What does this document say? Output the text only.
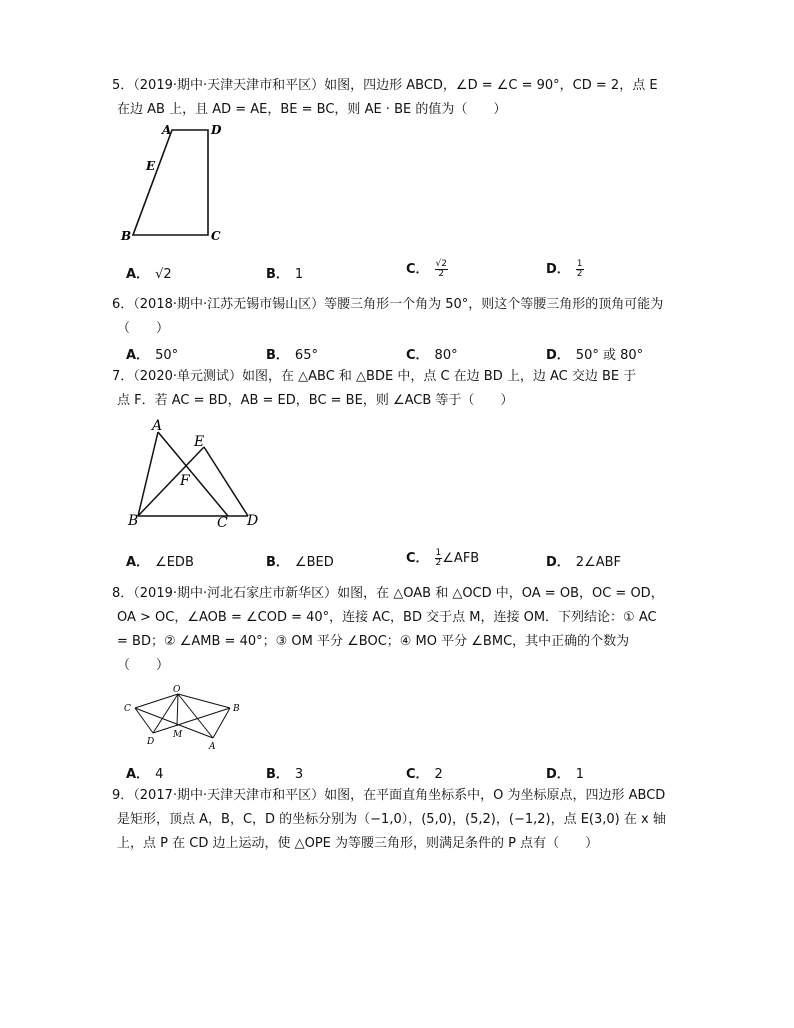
5．（2019·期中·天津天津市和平区）如图，四边形 ABCD，∠D = ∠C = 90°，CD = 2，点 E
在边 AB 上，且 AD = AE，BE = BC，则 AE · BE 的值为（　　）
A	D
E
B	C
A． √2	B． 1	C． $\frac{√2}{2}$	D． $\frac{1}{2}$
6．（2018·期中·江苏无锡市锡山区）等腰三角形一个角为 50°，则这个等腰三角形的顶角可能为
（　　）
A． 50°	B． 65°	C． 80°	D． 50° 或 80°
7．（2020·单元测试）如图，在 △ABC 和 △BDE 中，点 C 在边 BD 上，边 AC 交边 BE 于
点 F．若 AC = BD，AB = ED，BC = BE，则 ∠ACB 等于（　　）
A
E
F
B	C D
A． ∠EDB	B． ∠BED	C． $\frac{1}{2}$ ∠AFB	D． 2∠ABF
8．（2019·期中·河北石家庄市新华区）如图，在 △OAB 和 △OCD 中，OA = OB，OC = OD，
OA > OC，∠AOB = ∠COD = 40°，连接 AC，BD 交于点 M，连接 OM．下列结论：① AC
= BD；② ∠AMB = 40°；③ OM 平分 ∠BOC；④ MO 平分 ∠BMC，其中正确的个数为
（　　）
O
C	B
D
M
A
A． 4	B． 3	C． 2	D． 1
9．（2017·期中·天津天津市和平区）如图，在平面直角坐标系中，O 为坐标原点，四边形 ABCD
是矩形，顶点 A，B，C，D 的坐标分别为（−1,0），(5,0)，(5,2)，(−1,2)，点 E(3,0) 在 x 轴
上，点 P 在 CD 边上运动，使 △OPE 为等腰三角形，则满足条件的 P 点有（　　）
